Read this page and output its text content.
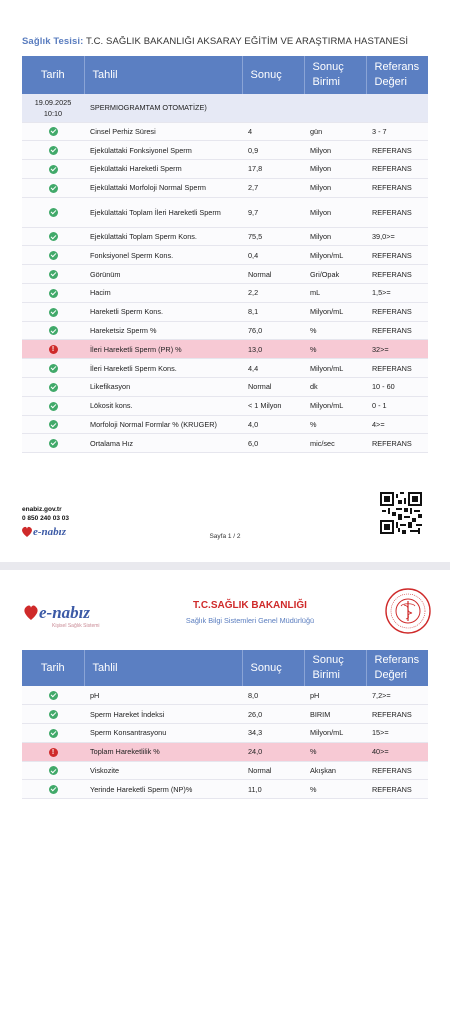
Sağlık Tesisi: T.C. SAĞLIK BAKANLIĞI AKSARAY EĞİTİM VE ARAŞTIRMA HASTANESİ
Tarih	Tahlil	Sonuç	Sonuç Birimi	Referans Değeri
19.09.2025
10:10	SPERMIOGRAMTAM OTOMATİZE)			
	Cinsel Perhiz Süresi	4	gün	3 - 7
	Ejekülattaki Fonksiyonel Sperm	0,9	Milyon	REFERANS
	Ejekülattaki Hareketli Sperm	17,8	Milyon	REFERANS
	Ejekülattaki Morfoloji Normal Sperm	2,7	Milyon	REFERANS
	Ejekülattaki Toplam İleri Hareketli Sperm	9,7	Milyon	REFERANS
	Ejekülattaki Toplam Sperm Kons.	75,5	Milyon	39,0>=
	Fonksiyonel Sperm Kons.	0,4	Milyon/mL	REFERANS
	Görünüm	Normal	Gri/Opak	REFERANS
	Hacim	2,2	mL	1,5>=
	Hareketli Sperm Kons.	8,1	Milyon/mL	REFERANS
	Hareketsiz Sperm %	76,0	%	REFERANS
!	İleri Hareketli Sperm (PR) %	13,0	%	32>=
	İleri Hareketli Sperm Kons.	4,4	Milyon/mL	REFERANS
	Likefikasyon	Normal	dk	10 - 60
	Lökosit kons.	< 1 Milyon	Milyon/mL	0 - 1
	Morfoloji Normal Formlar % (KRUGER)	4,0	%	4>=
	Ortalama Hız	6,0	mic/sec	REFERANS
enabiz.gov.tr
0 850 240 03 03
e-nabız	Sayfa 1 / 2
e-nabız
Kişisel Sağlık Sistemi
T.C.SAĞLIK BAKANLIĞI
Sağlık Bilgi Sistemleri Genel Müdürlüğü
Tarih	Tahlil	Sonuç	Sonuç Birimi	Referans Değeri
	pH	8,0	pH	7,2>=
	Sperm Hareket İndeksi	26,0	BIRIM	REFERANS
	Sperm Konsantrasyonu	34,3	Milyon/mL	15>=
!	Toplam Hareketlilik %	24,0	%	40>=
	Viskozite	Normal	Akışkan	REFERANS
	Yerinde Hareketli Sperm (NP)%	11,0	%	REFERANS
